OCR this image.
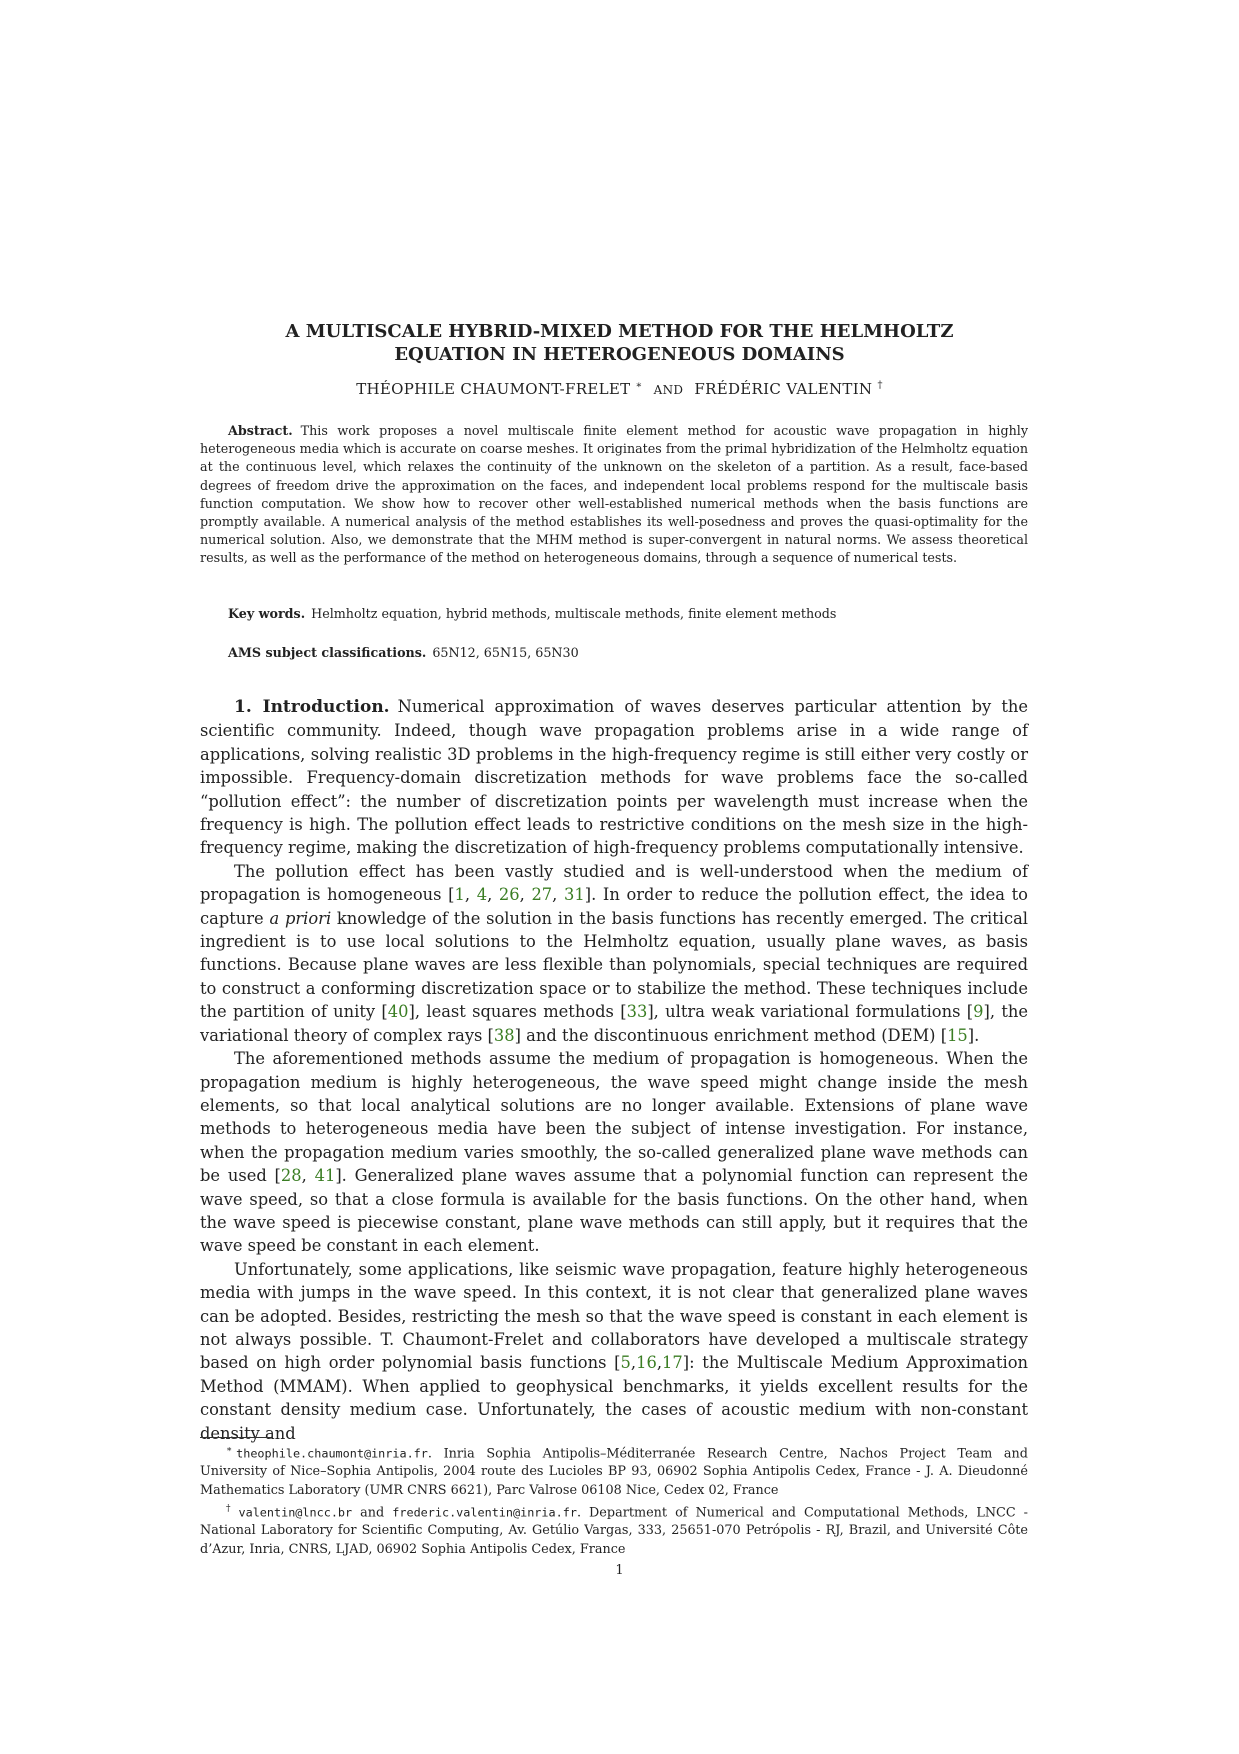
A MULTISCALE HYBRID-MIXED METHOD FOR THE HELMHOLTZ
EQUATION IN HETEROGENEOUS DOMAINS
THÉOPHILE CHAUMONT-FRELET ∗ AND FRÉDÉRIC VALENTIN †
Abstract. This work proposes a novel multiscale finite element method for acoustic wave propagation in highly heterogeneous media which is accurate on coarse meshes. It originates from the primal hybridization of the Helmholtz equation at the continuous level, which relaxes the continuity of the unknown on the skeleton of a partition. As a result, face-based degrees of freedom drive the approximation on the faces, and independent local problems respond for the multiscale basis function computation. We show how to recover other well-established numerical methods when the basis functions are promptly available. A numerical analysis of the method establishes its well-posedness and proves the quasi-optimality for the numerical solution. Also, we demonstrate that the MHM method is super-convergent in natural norms. We assess theoretical results, as well as the performance of the method on heterogeneous domains, through a sequence of numerical tests.
Key words. Helmholtz equation, hybrid methods, multiscale methods, finite element methods
AMS subject classifications. 65N12, 65N15, 65N30

1. Introduction. Numerical approximation of waves deserves particular attention by the scientific community. Indeed, though wave propagation problems arise in a wide range of applications, solving realistic 3D problems in the high-frequency regime is still either very costly or impossible. Frequency-domain discretization methods for wave problems face the so-called “pollution effect”: the number of discretization points per wavelength must increase when the frequency is high. The pollution effect leads to restrictive conditions on the mesh size in the high-frequency regime, making the discretization of high-frequency problems computationally intensive.

The pollution effect has been vastly studied and is well-understood when the medium of propagation is homogeneous [1, 4, 26, 27, 31]. In order to reduce the pollution effect, the idea to capture a priori knowledge of the solution in the basis functions has recently emerged. The critical ingredient is to use local solutions to the Helmholtz equation, usually plane waves, as basis functions. Because plane waves are less flexible than polynomials, special techniques are required to construct a conforming discretization space or to stabilize the method. These techniques include the partition of unity [40], least squares methods [33], ultra weak variational formulations [9], the variational theory of complex rays [38] and the discontinuous enrichment method (DEM) [15].

The aforementioned methods assume the medium of propagation is homogeneous. When the propagation medium is highly heterogeneous, the wave speed might change inside the mesh elements, so that local analytical solutions are no longer available. Extensions of plane wave methods to heterogeneous media have been the subject of intense investigation. For instance, when the propagation medium varies smoothly, the so-called generalized plane wave methods can be used [28, 41]. Generalized plane waves assume that a polynomial function can represent the wave speed, so that a close formula is available for the basis functions. On the other hand, when the wave speed is piecewise constant, plane wave methods can still apply, but it requires that the wave speed be constant in each element.

Unfortunately, some applications, like seismic wave propagation, feature highly heterogeneous media with jumps in the wave speed. In this context, it is not clear that generalized plane waves can be adopted. Besides, restricting the mesh so that the wave speed is constant in each element is not always possible. T. Chaumont-Frelet and collaborators have developed a multiscale strategy based on high order polynomial basis functions [5,16,17]: the Multiscale Medium Approximation Method (MMAM). When applied to geophysical benchmarks, it yields excellent results for the constant density medium case. Unfortunately, the cases of acoustic medium with non-constant density and

∗ theophile.chaumont@inria.fr. Inria Sophia Antipolis–Méditerranée Research Centre, Nachos Project Team and University of Nice–Sophia Antipolis, 2004 route des Lucioles BP 93, 06902 Sophia Antipolis Cedex, France - J. A. Dieudonné Mathematics Laboratory (UMR CNRS 6621), Parc Valrose 06108 Nice, Cedex 02, France

† valentin@lncc.br and frederic.valentin@inria.fr. Department of Numerical and Computational Methods, LNCC - National Laboratory for Scientific Computing, Av. Getúlio Vargas, 333, 25651-070 Petrópolis - RJ, Brazil, and Université Côte d’Azur, Inria, CNRS, LJAD, 06902 Sophia Antipolis Cedex, France

1
